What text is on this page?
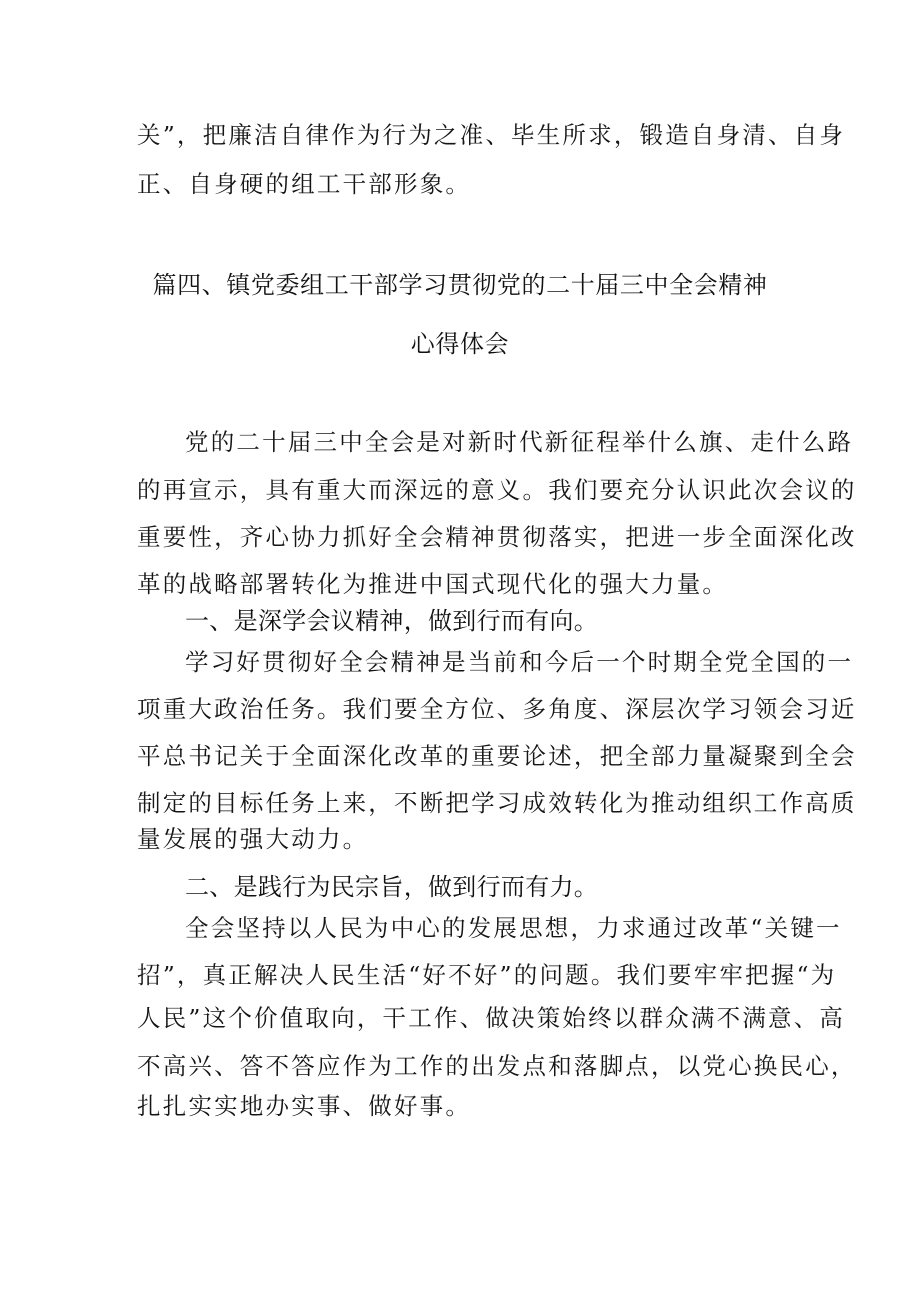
关”，把廉洁自律作为行为之准、毕生所求，锻造自身清、自身
正、自身硬的组工干部形象。
篇四、镇党委组工干部学习贯彻党的二十届三中全会精神
心得体会
党的二十届三中全会是对新时代新征程举什么旗、走什么路
的再宣示，具有重大而深远的意义。我们要充分认识此次会议的
重要性，齐心协力抓好全会精神贯彻落实，把进一步全面深化改
革的战略部署转化为推进中国式现代化的强大力量。
一、是深学会议精神，做到行而有向。
学习好贯彻好全会精神是当前和今后一个时期全党全国的一
项重大政治任务。我们要全方位、多角度、深层次学习领会习近
平总书记关于全面深化改革的重要论述，把全部力量凝聚到全会
制定的目标任务上来，不断把学习成效转化为推动组织工作高质
量发展的强大动力。
二、是践行为民宗旨，做到行而有力。
全会坚持以人民为中心的发展思想，力求通过改革“关键一
招”，真正解决人民生活“好不好”的问题。我们要牢牢把握“为
人民”这个价值取向，干工作、做决策始终以群众满不满意、高
不高兴、答不答应作为工作的出发点和落脚点，以党心换民心，
扎扎实实地办实事、做好事。
